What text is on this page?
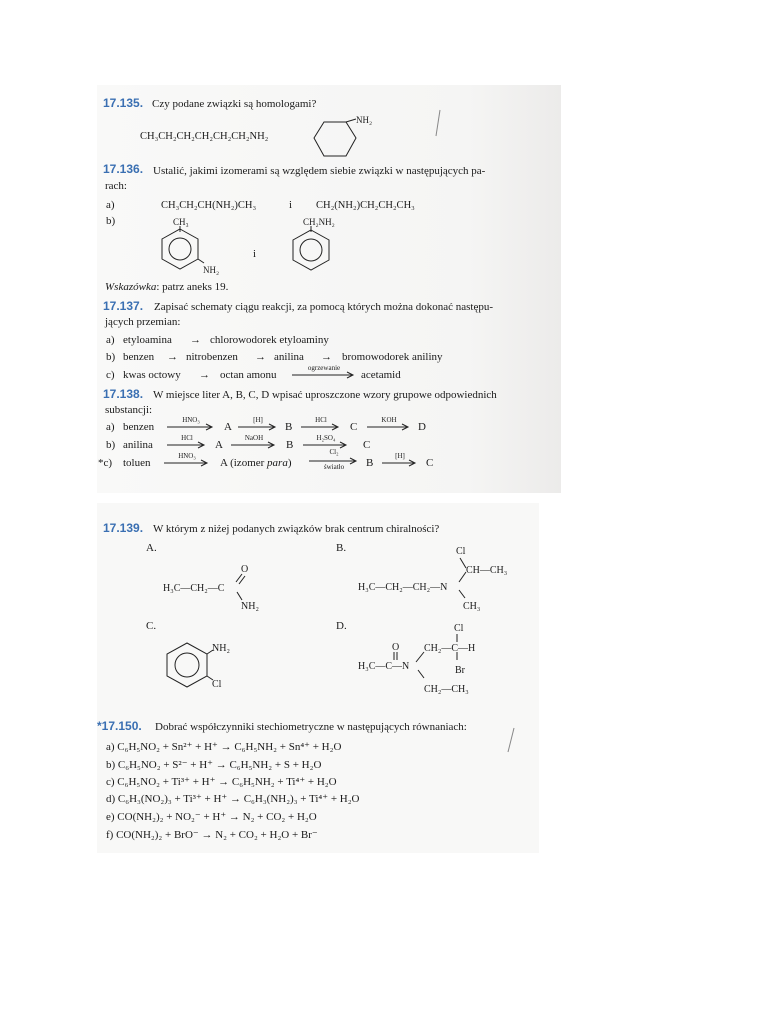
17.135. Czy podane związki są homologami?
CH₃CH₂CH₂CH₂CH₂CH₂NH₂
NH₂
17.136. Ustalić, jakimi izomerami są względem siebie związki w następujących pa-
rach:
a)	CH₃CH₂CH(NH₂)CH₃	i CH₂(NH₂)CH₂CH₂CH₃
b)	CH₃
NH₂
i
CH₂NH₂
Wskazówka: patrz aneks 19.
17.137. Zapisać schematy ciągu reakcji, za pomocą których można dokonać następu-
jących przemian:
a) etyloamina → chlorowodorek etyloaminy
b) benzen → nitrobenzen → anilina → bromowodorek aniliny
c) kwas octowy → octan amonu
ogrzewanie
acetamid
17.138. W miejsce liter A, B, C, D wpisać uproszczone wzory grupowe odpowiednich
substancji:
a) benzen
HNO₃
A
[H]
B
HCl
C
KOH
D
b) anilina
HCl
A
NaOH
B
H₂SO₄
C
*c) toluen
HNO₃
A (izomer para)
Cl₂
światło	B
[H]
C
17.139. W którym z niżej podanych związków brak centrum chiralności?
A.
O
H₃C—CH₂—C
NH₂
B.	Cl
CH—CH₃
H₃C—CH₂—CH₂—N
CH₃
C.
NH₂
Cl
D.	Cl
O CH₂—C—H
H₃C—C—N	Br
CH₂—CH₃
*17.150. Dobrać współczynniki stechiometryczne w następujących równaniach:
a) C₆H₅NO₂ + Sn²⁺ + H⁺ → C₆H₅NH₂ + Sn⁴⁺ + H₂O
b) C₆H₅NO₂ + S²⁻ + H⁺ → C₆H₅NH₂ + S + H₂O
c) C₆H₅NO₂ + Ti³⁺ + H⁺ → C₆H₅NH₂ + Ti⁴⁺ + H₂O
d) C₆H₃(NO₂)₃ + Ti³⁺ + H⁺ → C₆H₃(NH₂)₃ + Ti⁴⁺ + H₂O
e) CO(NH₂)₂ + NO₂⁻ + H⁺ → N₂ + CO₂ + H₂O
f) CO(NH₂)₂ + BrO⁻ → N₂ + CO₂ + H₂O + Br⁻
